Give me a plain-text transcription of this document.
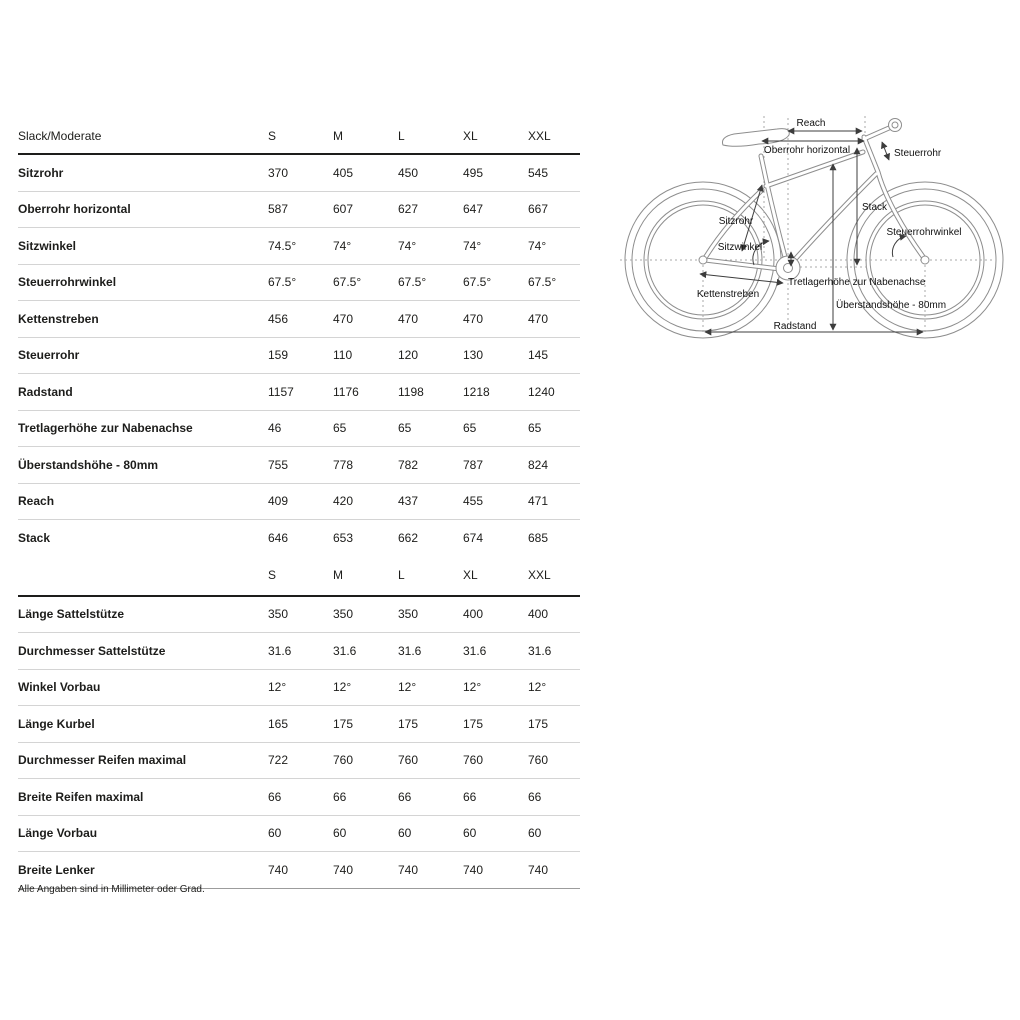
Slack/Moderate	S	M	L	XL	XXL
Sitzrohr	370	405	450	495	545
Oberrohr horizontal	587	607	627	647	667
Sitzwinkel	74.5°	74°	74°	74°	74°
Steuerrohrwinkel	67.5°	67.5°	67.5°	67.5°	67.5°
Kettenstreben	456	470	470	470	470
Steuerrohr	159	110	120	130	145
Radstand	1157	1176	1198	1218	1240
Tretlagerhöhe zur Nabenachse	46	65	65	65	65
Überstandshöhe - 80mm	755	778	782	787	824
Reach	409	420	437	455	471
Stack	646	653	662	674	685
	S	M	L	XL	XXL
Länge Sattelstütze	350	350	350	400	400
Durchmesser Sattelstütze	31.6	31.6	31.6	31.6	31.6
Winkel Vorbau	12°	12°	12°	12°	12°
Länge Kurbel	165	175	175	175	175
Durchmesser Reifen maximal	722	760	760	760	760
Breite Reifen maximal	66	66	66	66	66
Länge Vorbau	60	60	60	60	60
Breite Lenker	740	740	740	740	740
Alle Angaben sind in Millimeter oder Grad.
Reach
Oberrohr horizontal	Steuerrohr
Stack
Steuerrohrwinkel
Sitzrohr
Sitzwinkel
Kettenstreben
Tretlagerhöhe zur Nabenachse
Überstandshöhe - 80mm
Radstand
